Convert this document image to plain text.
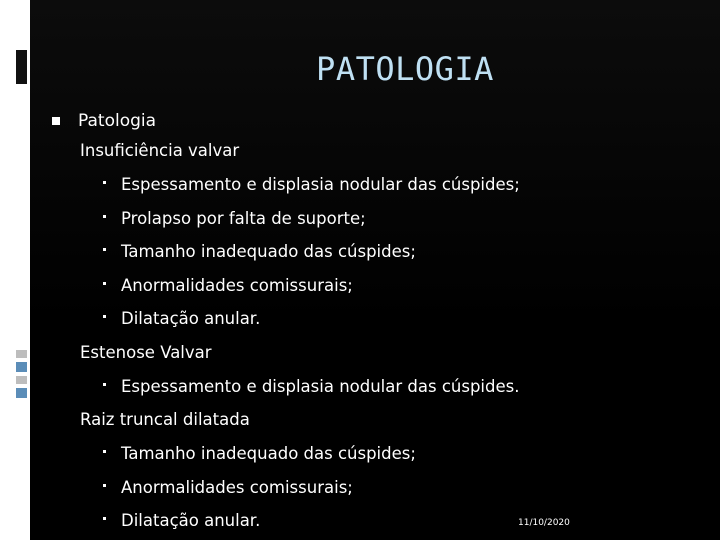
PATOLOGIA
Patologia
Insuficiência valvar
Espessamento e displasia nodular das cúspides;
Prolapso por falta de suporte;
Tamanho inadequado das cúspides;
Anormalidades comissurais;
Dilatação anular.
Estenose Valvar
Espessamento e displasia nodular das cúspides.
Raiz truncal dilatada
Tamanho inadequado das cúspides;
Anormalidades comissurais;
Dilatação anular.	11/10/2020
